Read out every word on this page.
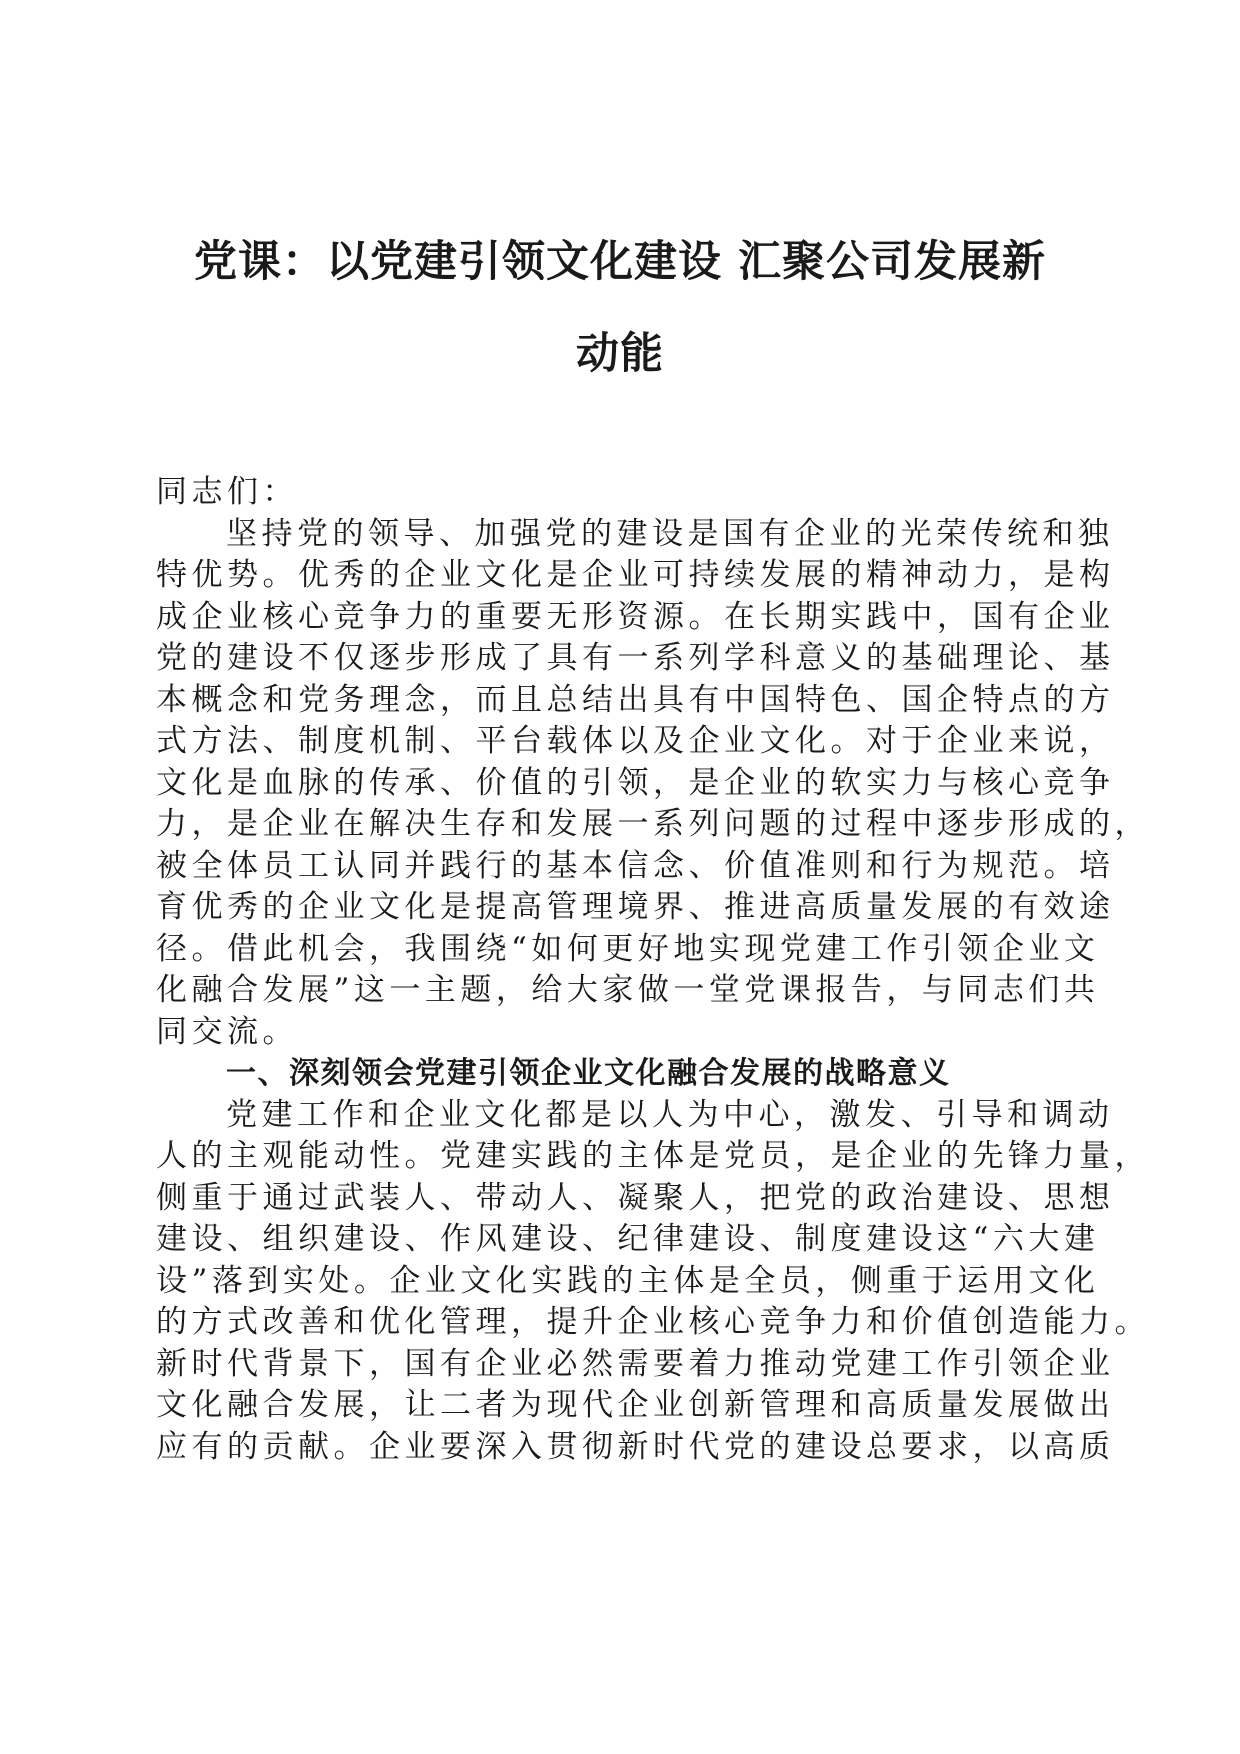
党课：以党建引领文化建设 汇聚公司发展新
动能
同志们：
坚持党的领导、加强党的建设是国有企业的光荣传统和独
特优势。优秀的企业文化是企业可持续发展的精神动力，是构
成企业核心竞争力的重要无形资源。在长期实践中，国有企业
党的建设不仅逐步形成了具有一系列学科意义的基础理论、基
本概念和党务理念，而且总结出具有中国特色、国企特点的方
式方法、制度机制、平台载体以及企业文化。对于企业来说，
文化是血脉的传承、价值的引领，是企业的软实力与核心竞争
力，是企业在解决生存和发展一系列问题的过程中逐步形成的，
被全体员工认同并践行的基本信念、价值准则和行为规范。培
育优秀的企业文化是提高管理境界、推进高质量发展的有效途
径。借此机会，我围绕“如何更好地实现党建工作引领企业文
化融合发展”这一主题，给大家做一堂党课报告，与同志们共
同交流。
一、深刻领会党建引领企业文化融合发展的战略意义
党建工作和企业文化都是以人为中心，激发、引导和调动
人的主观能动性。党建实践的主体是党员，是企业的先锋力量，
侧重于通过武装人、带动人、凝聚人，把党的政治建设、思想
建设、组织建设、作风建设、纪律建设、制度建设这“六大建
设”落到实处。企业文化实践的主体是全员，侧重于运用文化
的方式改善和优化管理，提升企业核心竞争力和价值创造能力。
新时代背景下，国有企业必然需要着力推动党建工作引领企业
文化融合发展，让二者为现代企业创新管理和高质量发展做出
应有的贡献。企业要深入贯彻新时代党的建设总要求，以高质
